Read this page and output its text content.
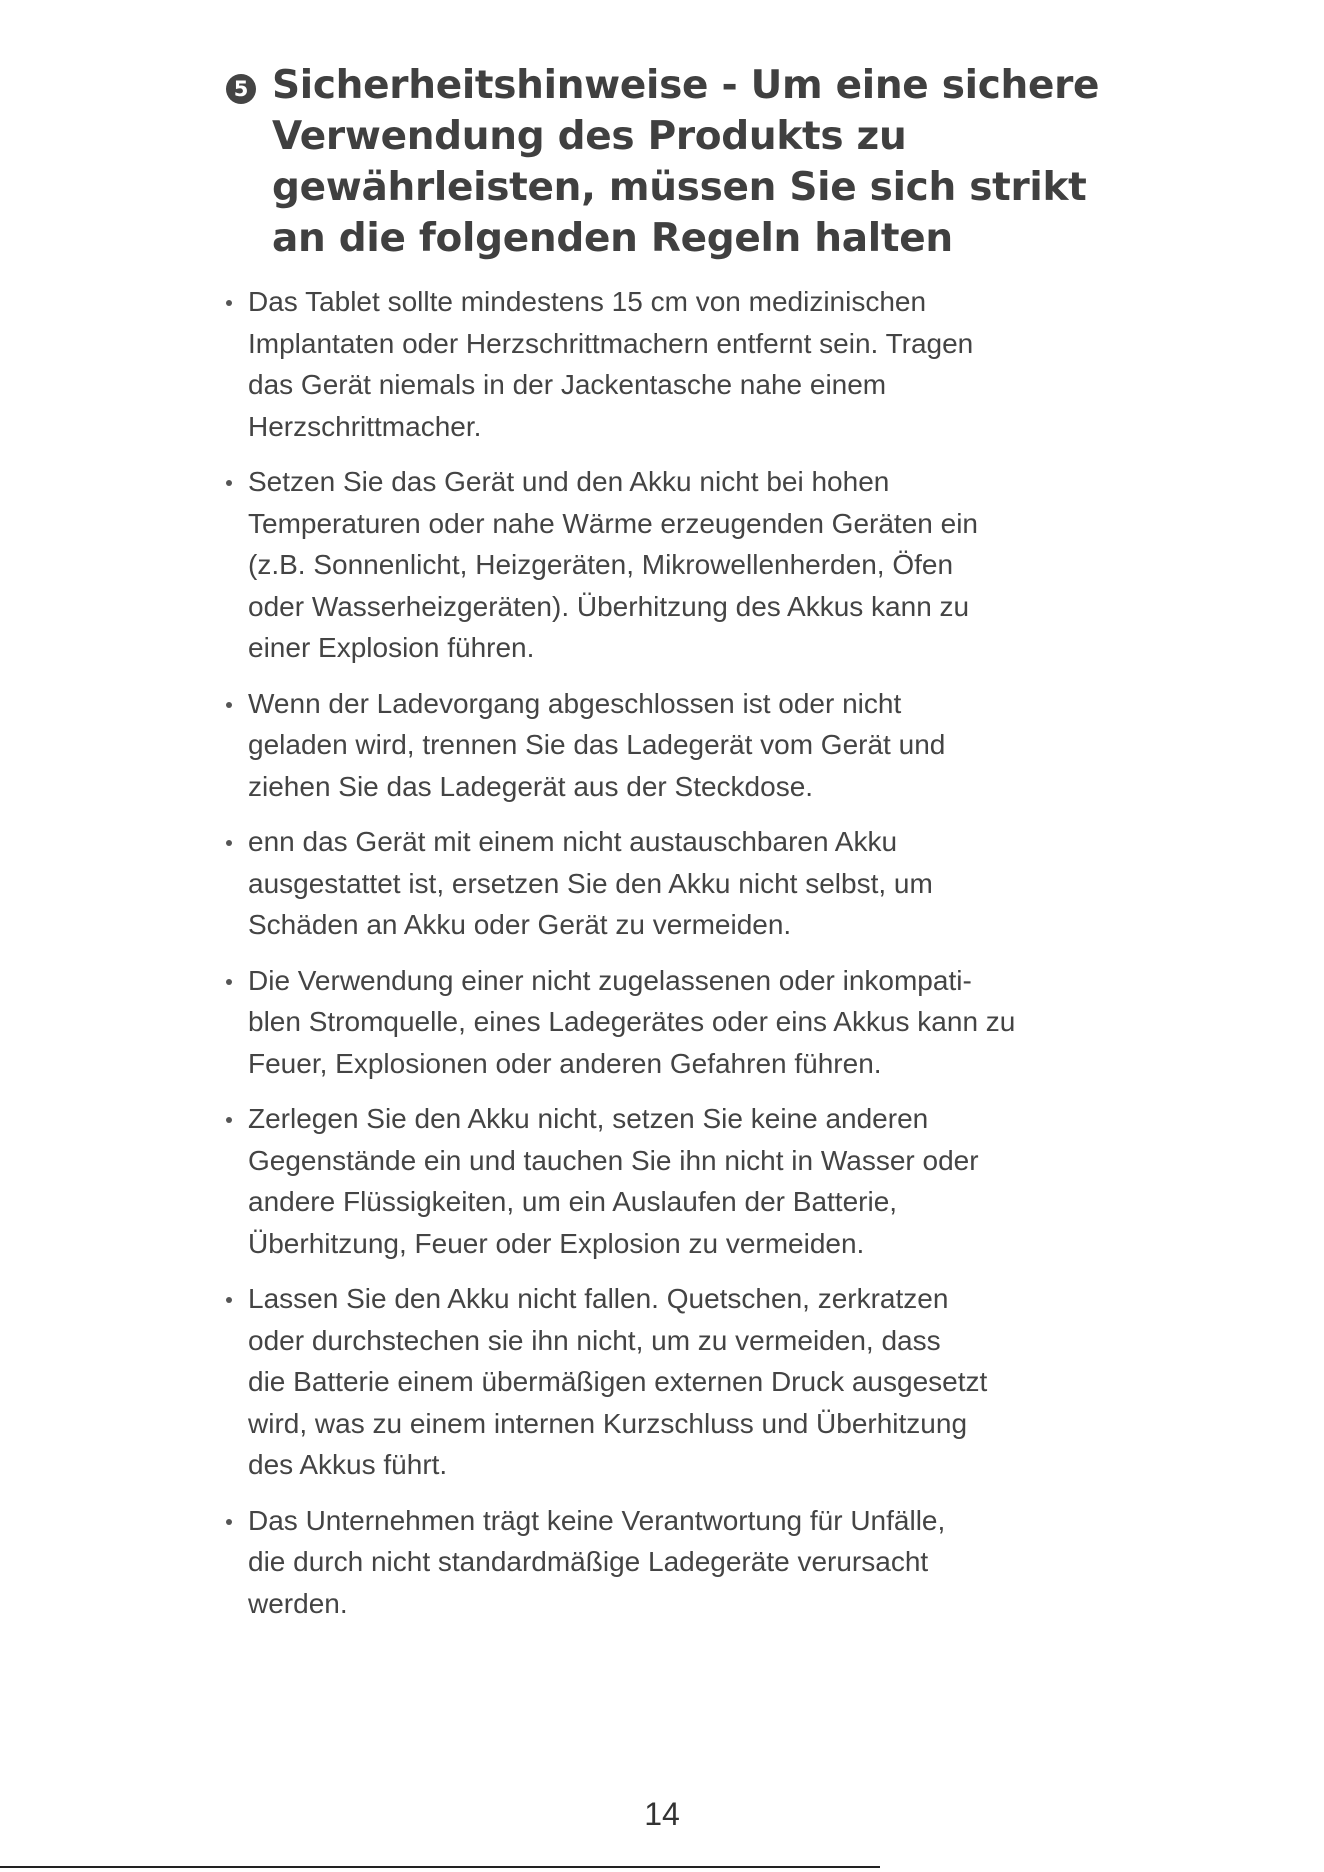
5 Sicherheitshinweise - Um eine sichere Verwendung des Produkts zu gewährleisten, müssen Sie sich strikt an die folgenden Regeln halten
Das Tablet sollte mindestens 15 cm von medizinischen
Implantaten oder Herzschrittmachern entfernt sein. Tragen
das Gerät niemals in der Jackentasche nahe einem
Herzschrittmacher.
Setzen Sie das Gerät und den Akku nicht bei hohen
Temperaturen oder nahe Wärme erzeugenden Geräten ein
(z.B. Sonnenlicht, Heizgeräten, Mikrowellenherden, Öfen
oder Wasserheizgeräten). Überhitzung des Akkus kann zu
einer Explosion führen.
Wenn der Ladevorgang abgeschlossen ist oder nicht
geladen wird, trennen Sie das Ladegerät vom Gerät und
ziehen Sie das Ladegerät aus der Steckdose.
enn das Gerät mit einem nicht austauschbaren Akku
ausgestattet ist, ersetzen Sie den Akku nicht selbst, um
Schäden an Akku oder Gerät zu vermeiden.
Die Verwendung einer nicht zugelassenen oder inkompati-
blen Stromquelle, eines Ladegerätes oder eins Akkus kann zu
Feuer, Explosionen oder anderen Gefahren führen.
Zerlegen Sie den Akku nicht, setzen Sie keine anderen
Gegenstände ein und tauchen Sie ihn nicht in Wasser oder
andere Flüssigkeiten, um ein Auslaufen der Batterie,
Überhitzung, Feuer oder Explosion zu vermeiden.
Lassen Sie den Akku nicht fallen. Quetschen, zerkratzen
oder durchstechen sie ihn nicht, um zu vermeiden, dass
die Batterie einem übermäßigen externen Druck ausgesetzt
wird, was zu einem internen Kurzschluss und Überhitzung
des Akkus führt.
Das Unternehmen trägt keine Verantwortung für Unfälle,
die durch nicht standardmäßige Ladegeräte verursacht
werden.
14
